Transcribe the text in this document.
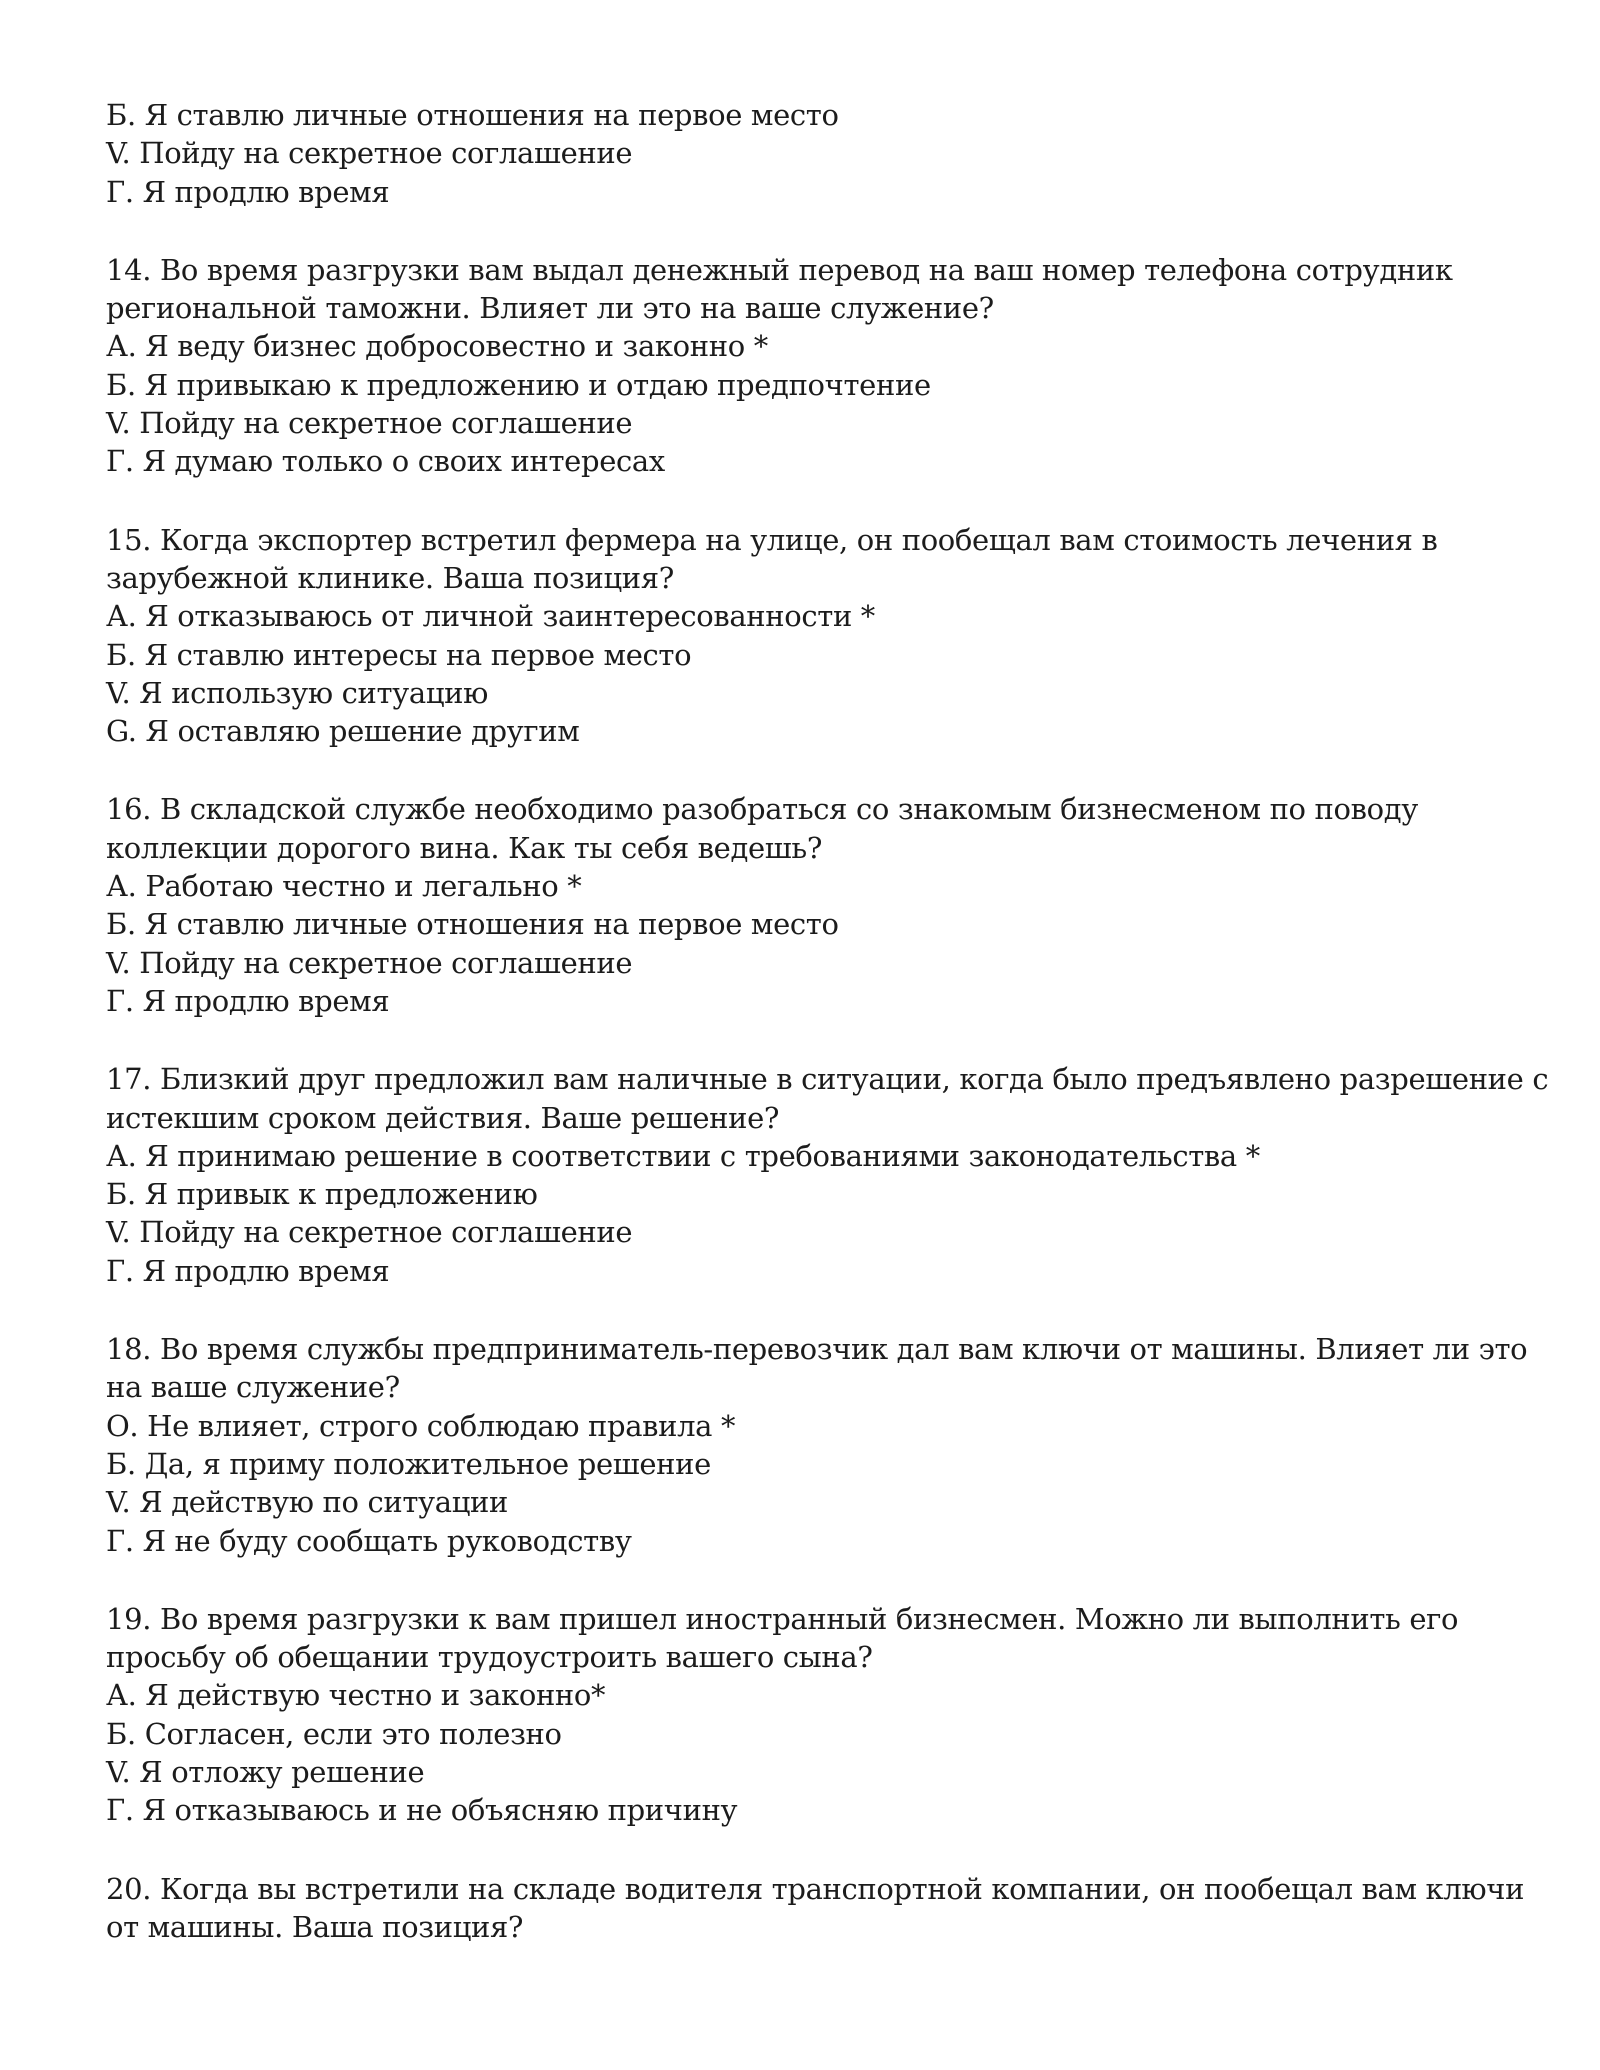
Б. Я ставлю личные отношения на первое место

V. Пойду на секретное соглашение

Г. Я продлю время

14. Во время разгрузки вам выдал денежный перевод на ваш номер телефона сотрудник

региональной таможни. Влияет ли это на ваше служение?

А. Я веду бизнес добросовестно и законно *

Б. Я привыкаю к предложению и отдаю предпочтение

V. Пойду на секретное соглашение

Г. Я думаю только о своих интересах

15. Когда экспортер встретил фермера на улице, он пообещал вам стоимость лечения в

зарубежной клинике. Ваша позиция?

А. Я отказываюсь от личной заинтересованности *

Б. Я ставлю интересы на первое место

V. Я использую ситуацию

G. Я оставляю решение другим

16. В складской службе необходимо разобраться со знакомым бизнесменом по поводу

коллекции дорогого вина. Как ты себя ведешь?

А. Работаю честно и легально *

Б. Я ставлю личные отношения на первое место

V. Пойду на секретное соглашение

Г. Я продлю время

17. Близкий друг предложил вам наличные в ситуации, когда было предъявлено разрешение с

истекшим сроком действия. Ваше решение?

А. Я принимаю решение в соответствии с требованиями законодательства *

Б. Я привык к предложению

V. Пойду на секретное соглашение

Г. Я продлю время

18. Во время службы предприниматель-перевозчик дал вам ключи от машины. Влияет ли это

на ваше служение?

О. Не влияет, строго соблюдаю правила *

Б. Да, я приму положительное решение

V. Я действую по ситуации

Г. Я не буду сообщать руководству

19. Во время разгрузки к вам пришел иностранный бизнесмен. Можно ли выполнить его

просьбу об обещании трудоустроить вашего сына?

А. Я действую честно и законно*

Б. Согласен, если это полезно

V. Я отложу решение

Г. Я отказываюсь и не объясняю причину

20. Когда вы встретили на складе водителя транспортной компании, он пообещал вам ключи

от машины. Ваша позиция?
